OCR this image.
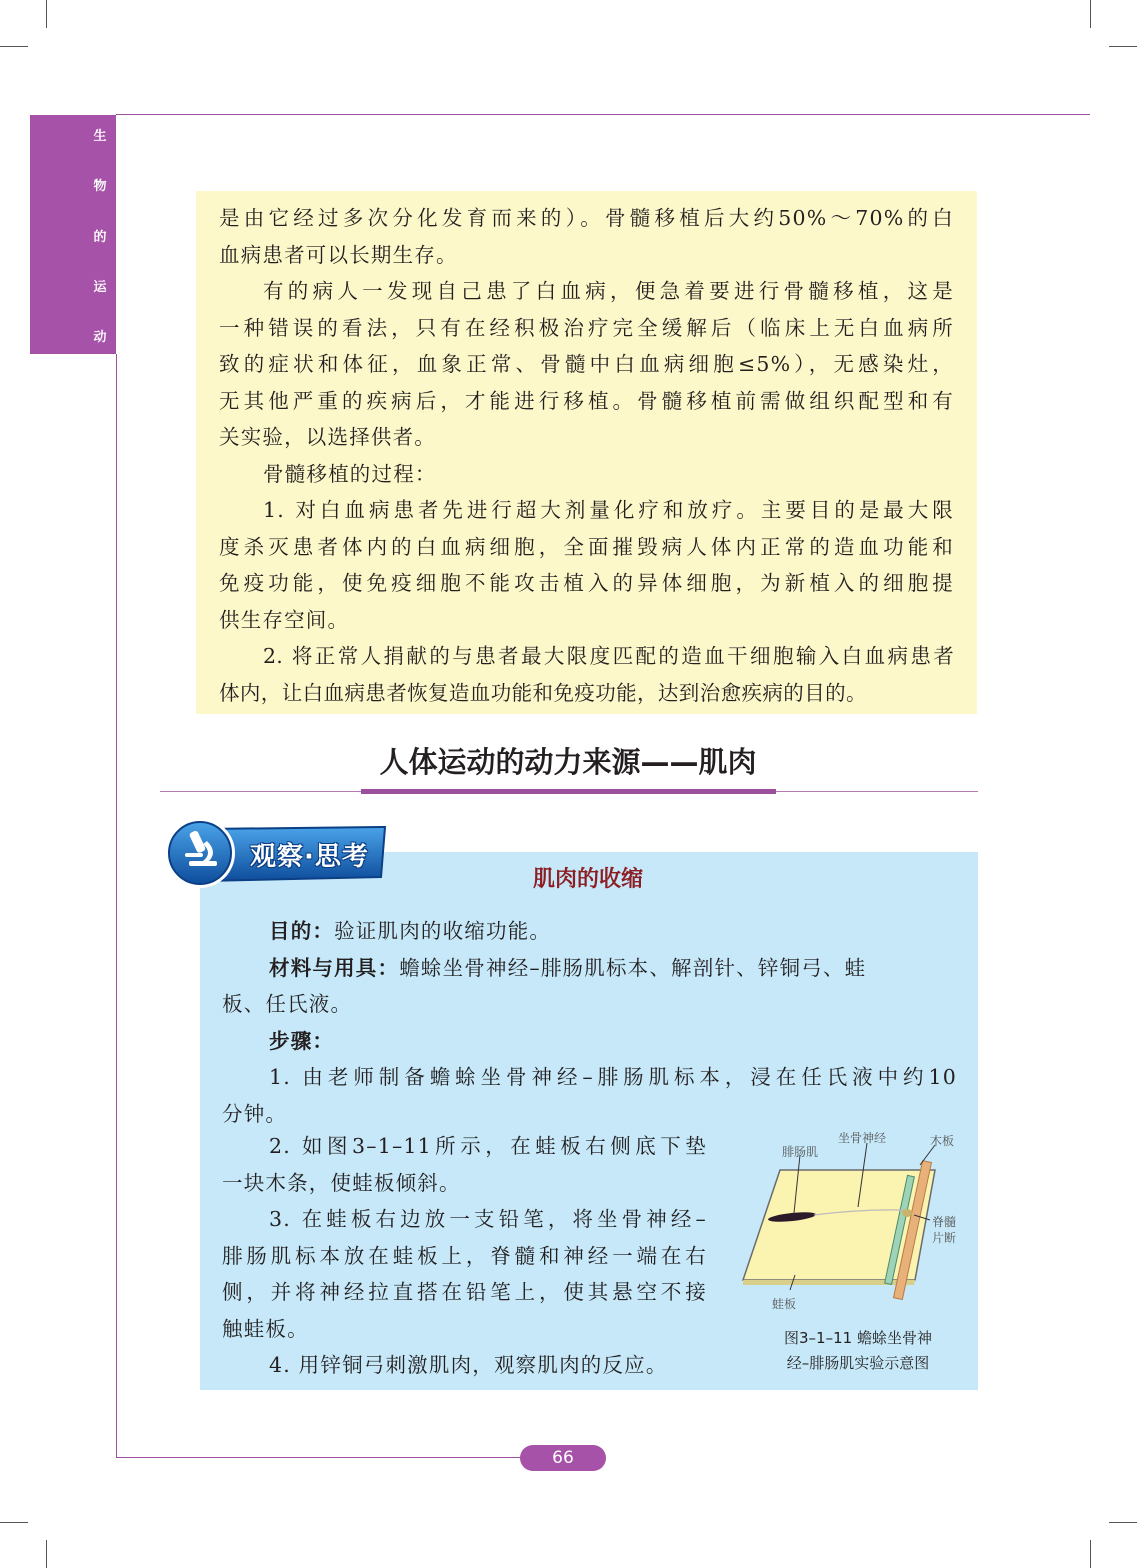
生
物
的
运
动
是由它经过多次分化发育而来的）。骨髓移植后大约50%～70%的白
血病患者可以长期生存。
有的病人一发现自己患了白血病，便急着要进行骨髓移植，这是
一种错误的看法，只有在经积极治疗完全缓解后（临床上无白血病所
致的症状和体征，血象正常、骨髓中白血病细胞≤5%），无感染灶，
无其他严重的疾病后，才能进行移植。骨髓移植前需做组织配型和有
关实验，以选择供者。
骨髓移植的过程：
1. 对白血病患者先进行超大剂量化疗和放疗。主要目的是最大限
度杀灭患者体内的白血病细胞，全面摧毁病人体内正常的造血功能和
免疫功能，使免疫细胞不能攻击植入的异体细胞，为新植入的细胞提
供生存空间。
2. 将正常人捐献的与患者最大限度匹配的造血干细胞输入白血病患者
体内，让白血病患者恢复造血功能和免疫功能，达到治愈疾病的目的。
人体运动的动力来源——肌肉
观察·思考
肌肉的收缩
目的：验证肌肉的收缩功能。
材料与用具：蟾蜍坐骨神经–腓肠肌标本、解剖针、锌铜弓、蛙
板、任氏液。
步骤：
1. 由老师制备蟾蜍坐骨神经–腓肠肌标本，浸在任氏液中约10
分钟。
2. 如图3–1–11所示，在蛙板右侧底下垫
一块木条，使蛙板倾斜。
3. 在蛙板右边放一支铅笔，将坐骨神经–
腓肠肌标本放在蛙板上，脊髓和神经一端在右
侧，并将神经拉直搭在铅笔上，使其悬空不接
触蛙板。
4. 用锌铜弓刺激肌肉，观察肌肉的反应。
腓肠肌
坐骨神经	木板
脊髓
片断
蛙板
图3–1–11 蟾蜍坐骨神
经–腓肠肌实验示意图
66
